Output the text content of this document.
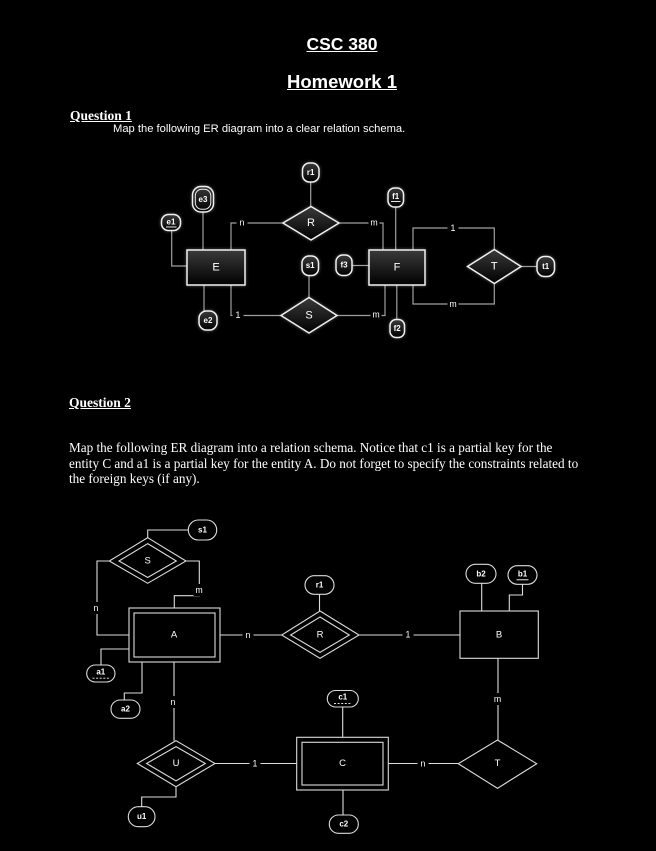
CSC 380
Homework 1
Question 1
Map the following ER diagram into a clear relation schema.
Question 2
Map the following ER diagram into a relation schema. Notice that c1 is a partial key for the
entity C and a1 is a partial key for the entity A. Do not forget to specify the constraints related to
the foreign keys (if any).
E	F
R
S
T
e1
e3
e2
r1
s1	f3
f1
f2
t1
n	m
1	m
1
m
S
R
U	T
A	B
C
s1
r1
b2	b1
a1
a2
u1
c1
c2
n
m
n	1
m
n
1	n
